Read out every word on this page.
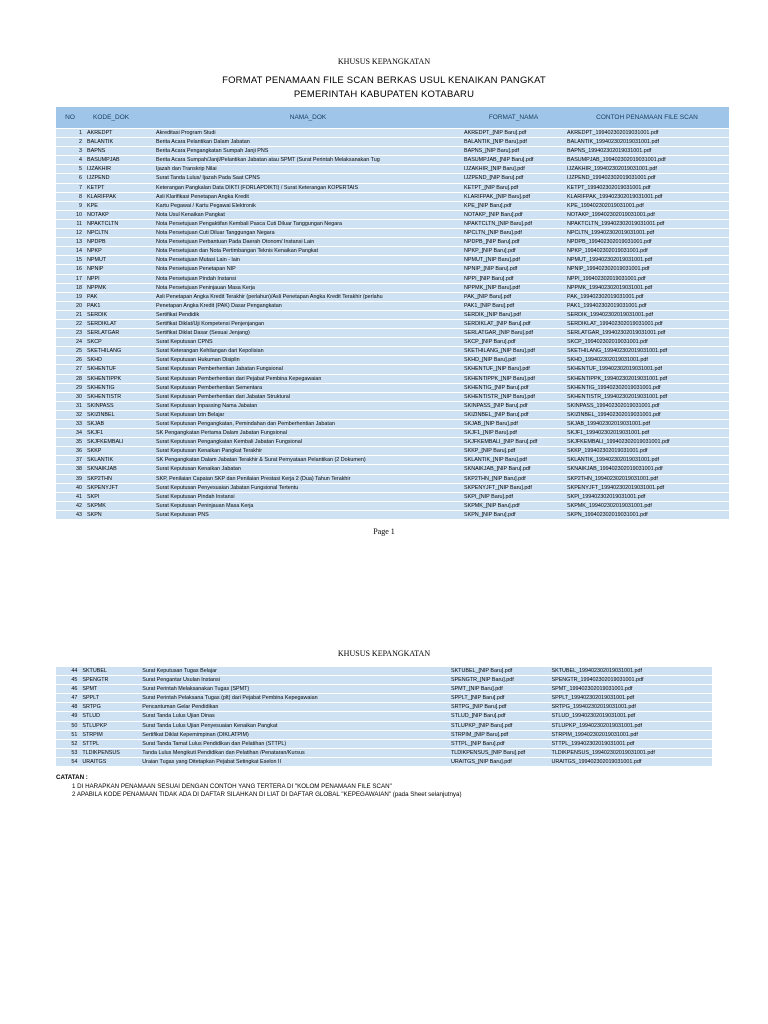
KHUSUS KEPANGKATAN
FORMAT PENAMAAN FILE SCAN BERKAS USUL KENAIKAN PANGKAT
PEMERINTAH KABUPATEN KOTABARU
NO	KODE_DOK	NAMA_DOK	FORMAT_NAMA	CONTOH PENAMAAN FILE SCAN
1	AKREDPT	Akreditasi Program Studi	AKREDPT_[NIP Baru].pdf	AKREDPT_199402302019031001.pdf
2	BALANTIK	Berita Acara Pelantikan Dalam Jabatan	BALANTIK_[NIP Baru].pdf	BALANTIK_199402302019031001.pdf
3	BAPNS	Berita Acara Pengangkatan Sumpah Janji PNS	BAPNS_[NIP Baru].pdf	BAPNS_199402302019031001.pdf
4	BASUMPJAB	Berita Acara Sumpah/Janji/Pelantikan Jabatan atau SPMT (Surat Perintah Melaksanakan Tug	BASUMPJAB_[NIP Baru].pdf	BASUMPJAB_199402302019031001.pdf
5	IJZAKHIR	Ijazah dan Transkrip Nilai	IJZAKHIR_[NIP Baru].pdf	IJZAKHIR_199402302019031001.pdf
6	IJZPEND	Surat Tanda Lulus/ Ijazah Pada Saat CPNS	IJZPEND_[NIP Baru].pdf	IJZPEND_199402302019031001.pdf
7	KETPT	Keterangan Pangkalan Data DIKTI (FORLAPDIKTI) / Surat Keterangan KOPERTAIS	KETPT_[NIP Baru].pdf	KETPT_199402302019031001.pdf
8	KLARIFPAK	Asli Klarifikasi Penetapan Angka Kredit	KLARIFPAK_[NIP Baru].pdf	KLARIFPAK_199402302019031001.pdf
9	KPE	Kartu Pegawai / Kartu Pegawai Elektronik	KPE_[NIP Baru].pdf	KPE_199402302019031001.pdf
10	NOTAKP	Nota Usul Kenaikan Pangkat	NOTAKP_[NIP Baru].pdf	NOTAKP_199402302019031001.pdf
11	NPAKTCLTN	Nota Persetujuan Pengaktifan Kembali Pasca Cuti Diluar Tanggungan Negara	NPAKTCLTN_[NIP Baru].pdf	NPAKTCLTN_199402302019031001.pdf
12	NPCLTN	Nota Persetujuan Cuti Diluar Tanggungan Negara	NPCLTN_[NIP Baru].pdf	NPCLTN_199402302019031001.pdf
13	NPDPB	Nota Persetujuan Perbantuan Pada Daerah Otonom/ Instansi Lain	NPDPB_[NIP Baru].pdf	NPDPB_199402302019031001.pdf
14	NPKP	Nota Persetujuan dan Nota Pertimbangan Teknis Kenaikan Pangkat	NPKP_[NIP Baru].pdf	NPKP_199402302019031001.pdf
15	NPMUT	Nota Persetujuan Mutasi Lain - lain	NPMUT_[NIP Baru].pdf	NPMUT_199402302019031001.pdf
16	NPNIP	Nota Persetujuan Penetapan NIP	NPNIP_[NIP Baru].pdf	NPNIP_199402302019031001.pdf
17	NPPI	Nota Persetujuan Pindah Instansi	NPPI_[NIP Baru].pdf	NPPI_199402302019031001.pdf
18	NPPMK	Nota Persetujuan Peninjauan Masa Kerja	NPPMK_[NIP Baru].pdf	NPPMK_199402302019031001.pdf
19	PAK	Asli Penetapan Angka Kredit Terakhir (perlahun)/Asli Penetapan Angka Kredit Terakhir (perlahu	PAK_[NIP Baru].pdf	PAK_199402302019031001.pdf
20	PAK1	Penetapan Angka Kredit (PAK) Dasar Pengangkatan	PAK1_[NIP Baru].pdf	PAK1_199402302019031001.pdf
21	SERDIK	Sertifikat Pendidik	SERDIK_[NIP Baru].pdf	SERDIK_199402302019031001.pdf
22	SERDIKLAT	Sertifikat Diklat/Uji Kompetensi Penjenjangan	SERDIKLAT_[NIP Baru].pdf	SERDIKLAT_199402302019031001.pdf
23	SERLATGAR	Sertifikat Diklat Dasar (Sesuai Jenjang)	SERLATGAR_[NIP Baru].pdf	SERLATGAR_199402302019031001.pdf
24	SKCP	Surat Keputusan CPNS	SKCP_[NIP Baru].pdf	SKCP_199402302019031001.pdf
25	SKETHILANG	Surat Keterangan Kehilangan dari Kepolisian	SKETHILANG_[NIP Baru].pdf	SKETHILANG_199402302019031001.pdf
26	SKHD	Surat Keputusan Hukuman Disiplin	SKHD_[NIP Baru].pdf	SKHD_199402302019031001.pdf
27	SKHENTUF	Surat Keputusan Pemberhentian Jabatan Fungsional	SKHENTUF_[NIP Baru].pdf	SKHENTUF_199402302019031001.pdf
28	SKHENTIPPK	Surat Keputusan Pemberhentian dari Pejabat Pembina Kepegawaian	SKHENTIPPK_[NIP Baru].pdf	SKHENTIPPK_199402302019031001.pdf
29	SKHENTIG	Surat Keputusan Pemberhentian Sementara	SKHENTIG_[NIP Baru].pdf	SKHENTIG_199402302019031001.pdf
30	SKHENTISTR	Surat Keputusan Pemberhentian dari Jabatan Struktural	SKHENTISTR_[NIP Baru].pdf	SKHENTISTR_199402302019031001.pdf
31	SKINPASS	Surat Keputusan Inpassing Nama Jabatan	SKINPASS_[NIP Baru].pdf	SKINPASS_199402302019031001.pdf
32	SKIZINBEL	Surat Keputusan Izin Belajar	SKIZINBEL_[NIP Baru].pdf	SKIZINBEL_199402302019031001.pdf
33	SKJAB	Surat Keputusan Pengangkatan, Pemindahan dan Pemberhentian Jabatan	SKJAB_[NIP Baru].pdf	SKJAB_199402302019031001.pdf
34	SKJF1	SK Pengangkatan Pertama Dalam Jabatan Fungsional	SKJF1_[NIP Baru].pdf	SKJF1_199402302019031001.pdf
35	SKJFKEMBALI	Surat Keputusan Pengangkatan Kembali Jabatan Fungsional	SKJFKEMBALI_[NIP Baru].pdf	SKJFKEMBALI_199402302019031001.pdf
36	SKKP	Surat Keputusan Kenaikan Pangkat Terakhir	SKKP_[NIP Baru].pdf	SKKP_199402302019031001.pdf
37	SKLANTIK	SK Pengangkatan Dalam Jabatan Terakhir & Surat Pernyataan Pelantikan (2 Dokumen)	SKLANTIK_[NIP Baru].pdf	SKLANTIK_199402302019031001.pdf
38	SKNAIKJAB	Surat Keputusan Kenaikan Jabatan	SKNAIKJAB_[NIP Baru].pdf	SKNAIKJAB_199402302019031001.pdf
39	SKP2THN	SKP, Penilaian Capaian SKP dan Penilaian Prestasi Kerja 2 (Dua) Tahun Terakhir	SKP2THN_[NIP Baru].pdf	SKP2THN_199402302019031001.pdf
40	SKPENYJFT	Surat Keputusan Penyesuaian Jabatan Fungsional Tertentu	SKPENYJFT_[NIP Baru].pdf	SKPENYJFT_199402302019031001.pdf
41	SKPI	Surat Keputusan Pindah Instansi	SKPI_[NIP Baru].pdf	SKPI_199402302019031001.pdf
42	SKPMK	Surat Keputusan Peninjauan Masa Kerja	SKPMK_[NIP Baru].pdf	SKPMK_199402302019031001.pdf
43	SKPN	Surat Keputusan PNS	SKPN_[NIP Baru].pdf	SKPN_199402302019031001.pdf
Page 1
KHUSUS KEPANGKATAN
44	SKTUBEL	Surat Keputusan Tugas Belajar	SKTUBEL_[NIP Baru].pdf	SKTUBEL_199402302019031001.pdf
45	SPENGTR	Surat Pengantar Usulan Instansi	SPENGTR_[NIP Baru].pdf	SPENGTR_199402302019031001.pdf
46	SPMT	Surat Perintah Melaksanakan Tugas (SPMT)	SPMT_[NIP Baru].pdf	SPMT_199402302019031001.pdf
47	SPPLT	Surat Perintah Pelaksana Tugas (plt) dari Pejabat Pembina Kepegawaian	SPPLT_[NIP Baru].pdf	SPPLT_199402302019031001.pdf
48	SRTPG	Pencantuman Gelar Pendidikan	SRTPG_[NIP Baru].pdf	SRTPG_199402302019031001.pdf
49	STLUD	Surat Tanda Lulus Ujian Dinas	STLUD_[NIP Baru].pdf	STLUD_199402302019031001.pdf
50	STLUPKP	Surat Tanda Lulus Ujian Penyesuaian Kenaikan Pangkat	STLUPKP_[NIP Baru].pdf	STLUPKP_199402302019031001.pdf
51	STRPIM	Sertifikat Diklat Kepemimpinan (DIKLATPIM)	STRPIM_[NIP Baru].pdf	STRPIM_199402302019031001.pdf
52	STTPL	Surat Tanda Tamat Lulus Pendidikan dan Pelatihan (STTPL)	STTPL_[NIP Baru].pdf	STTPL_199402302019031001.pdf
53	TLDIKPENSUS	Tanda Lulus Mengikuti Pendidikan dan Pelatihan /Penataran/Kursus	TLDIKPENSUS_[NIP Baru].pdf	TLDIKPENSUS_199402302019031001.pdf
54	URAITGS	Uraian Tugas yang Ditetapkan Pejabat Setingkat Eselon II	URAITGS_[NIP Baru].pdf	URAITGS_199402302019031001.pdf
CATATAN :
1 DI HARAPKAN PENAMAAN SESUAI DENGAN CONTOH YANG TERTERA DI "KOLOM PENAMAAN FILE SCAN"
2 APABILA KODE PENAMAAN TIDAK ADA DI DAFTAR SILAHKAN DI LIAT DI DAFTAR GLOBAL "KEPEGAWAIAN" (pada Sheet selanjutnya)
